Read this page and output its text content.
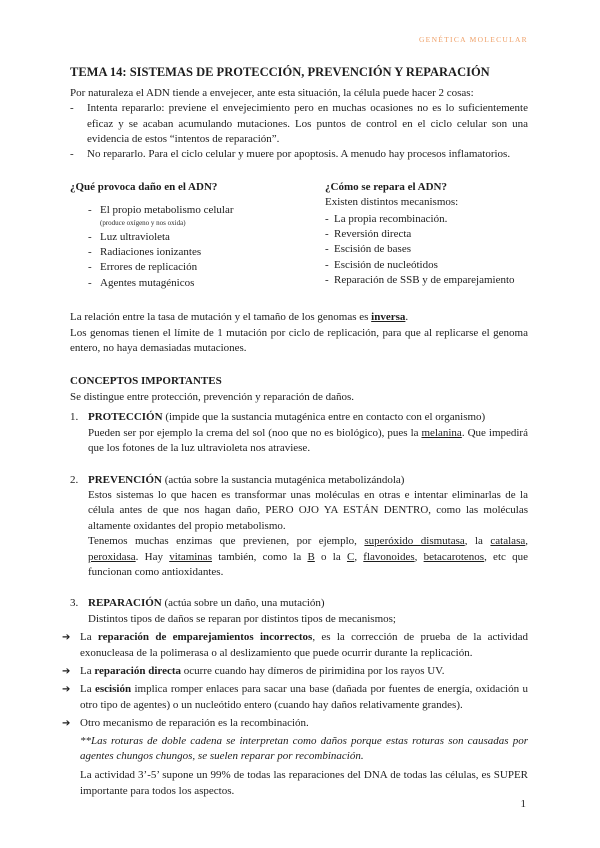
GENÉTICA MOLECULAR
TEMA 14: SISTEMAS DE PROTECCIÓN, PREVENCIÓN Y REPARACIÓN

Por naturaleza el ADN tiende a envejecer, ante esta situación, la célula puede hacer 2 cosas:

-	Intenta repararlo: previene el envejecimiento pero en muchas ocasiones no es lo suficientemente eficaz y se acaban acumulando mutaciones. Los puntos de control en el ciclo celular son una evidencia de estos “intentos de reparación”.
-	No repararlo. Para el ciclo celular y muere por apoptosis. A menudo hay procesos inflamatorios.
¿Qué provoca daño en el ADN?
- El propio metabolismo celular
(produce oxígeno y nos oxida)
- Luz ultravioleta
- Radiaciones ionizantes
- Errores de replicación
- Agentes mutagénicos
¿Cómo se repara el ADN?
Existen distintos mecanismos:
- La propia recombinación.
- Reversión directa
- Escisión de bases
- Escisión de nucleótidos
- Reparación de SSB y de emparejamiento

La relación entre la tasa de mutación y el tamaño de los genomas es inversa.

Los genomas tienen el límite de 1 mutación por ciclo de replicación, para que al replicarse el genoma entero, no haya demasiadas mutaciones.

CONCEPTOS IMPORTANTES
Se distingue entre protección, prevención y reparación de daños.
1. PROTECCIÓN (impide que la sustancia mutagénica entre en contacto con el organismo)

Pueden ser por ejemplo la crema del sol (noo que no es biológico), pues la melanina. Que impedirá que los fotones de la luz ultravioleta nos atraviese.

2. PREVENCIÓN (actúa sobre la sustancia mutagénica metabolizándola)

Estos sistemas lo que hacen es transformar unas moléculas en otras e intentar eliminarlas de la célula antes de que nos hagan daño, PERO OJO YA ESTÁN DENTRO, como las moléculas altamente oxidantes del propio metabolismo.

Tenemos muchas enzimas que previenen, por ejemplo, superóxido dismutasa, la catalasa, peroxidasa. Hay vitaminas también, como la B o la C, flavonoides, betacarotenos, etc que funcionan como antioxidantes.

3. REPARACIÓN (actúa sobre un daño, una mutación)

Distintos tipos de daños se reparan por distintos tipos de mecanismos;

➔ La reparación de emparejamientos incorrectos, es la corrección de prueba de la actividad exonucleasa de la polimerasa o al deslizamiento que puede ocurrir durante la replicación.
➔ La reparación directa ocurre cuando hay dímeros de pirimidina por los rayos UV.
➔ La escisión implica romper enlaces para sacar una base (dañada por fuentes de energía, oxidación u otro tipo de agentes) o un nucleótido entero (cuando hay daños relativamente grandes).
➔ Otro mecanismo de reparación es la recombinación.

**Las roturas de doble cadena se interpretan como daños porque estas roturas son causadas por agentes chungos chungos, se suelen reparar por recombinación.

La actividad 3’-5’ supone un 99% de todas las reparaciones del DNA de todas las células, es SUPER importante para todos los aspectos.

1
